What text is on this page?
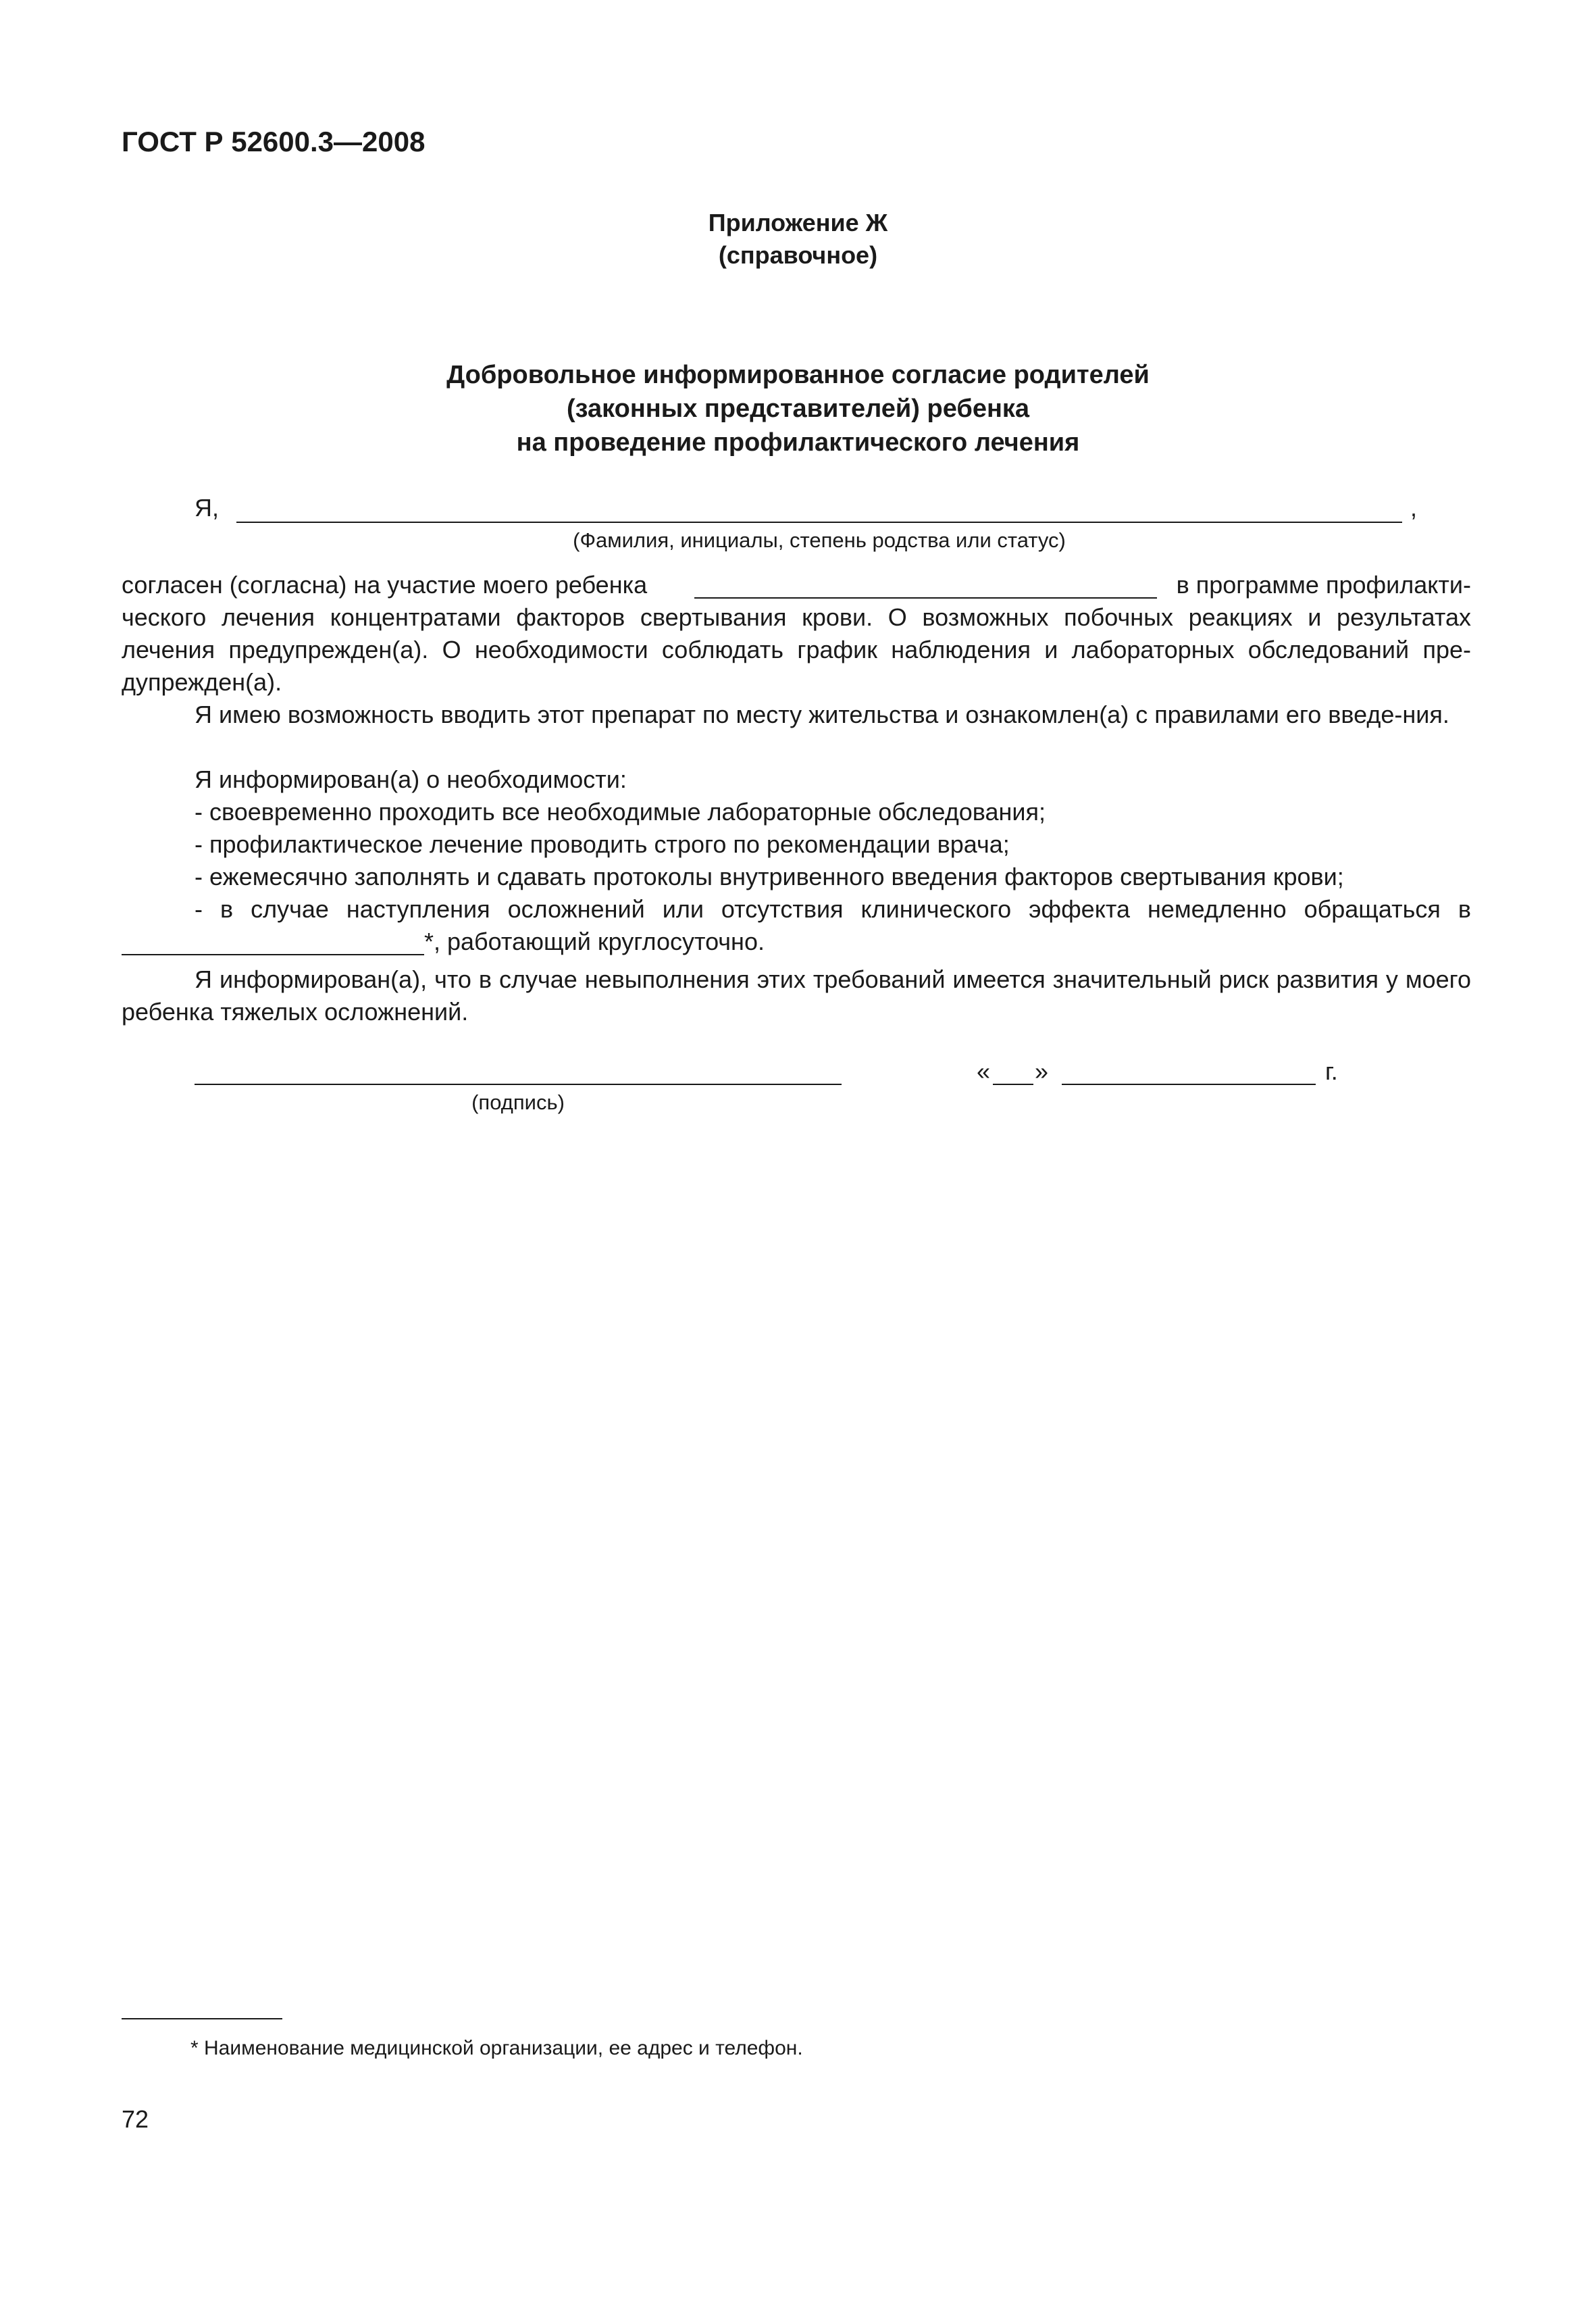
ГОСТ Р 52600.3—2008
Приложение Ж
(справочное)
Добровольное информированное согласие родителей
(законных представителей) ребенка
на проведение профилактического лечения
Я,	,
(Фамилия, инициалы, степень родства или статус)
согласен (согласна) на участие моего ребенка	в программе профилакти-
ческого лечения концентратами факторов свертывания крови. О возможных побочных реакциях и результатах лечения предупрежден(а). О необходимости соблюдать график наблюдения и лабораторных обследований пре-дупрежден(а).
Я имею возможность вводить этот препарат по месту жительства и ознакомлен(а) с правилами его введе-ния.
Я информирован(а) о необходимости:
- своевременно проходить все необходимые лабораторные обследования;
- профилактическое лечение проводить строго по рекомендации врача;
- ежемесячно заполнять и сдавать протоколы внутривенного введения факторов свертывания крови;
- в случае наступления осложнений или отсутствия клинического эффекта немедленно обращаться в
*, работающий круглосуточно.
Я информирован(а), что в случае невыполнения этих требований имеется значительный риск развития у моего ребенка тяжелых осложнений.
(подпись)
« »	г.
* Наименование медицинской организации, ее адрес и телефон.
72
